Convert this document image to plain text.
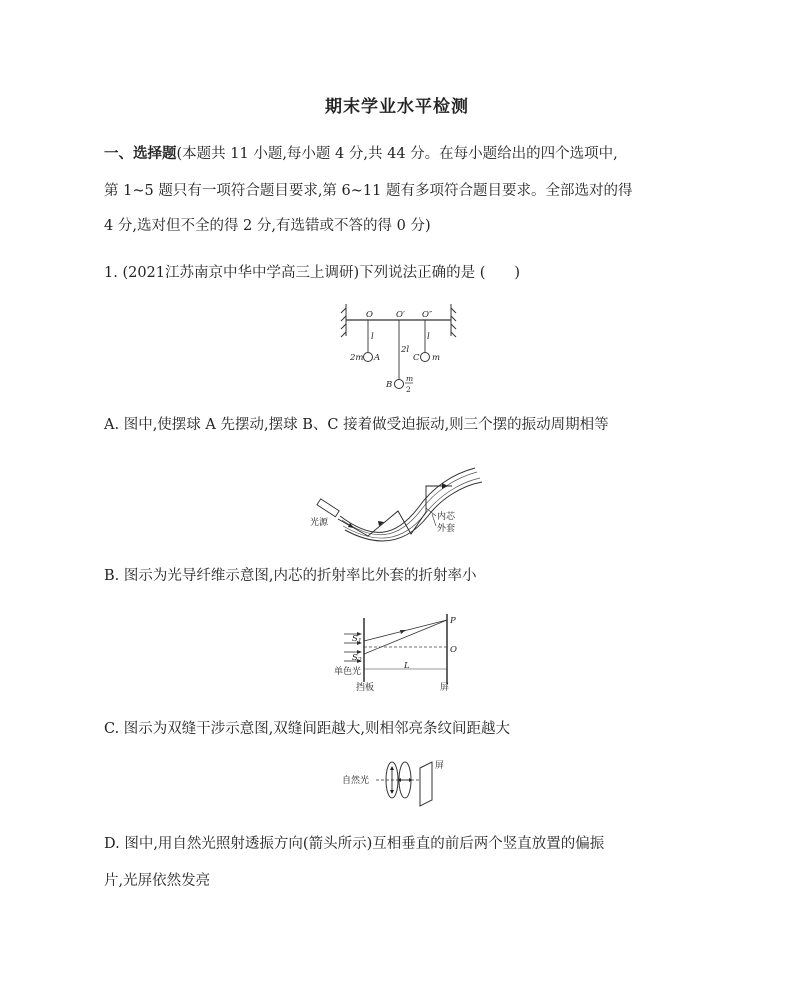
期末学业水平检测
一、选择题(本题共 11 小题,每小题 4 分,共 44 分。在每小题给出的四个选项中,
第 1~5 题只有一项符合题目要求,第 6~11 题有多项符合题目要求。全部选对的得
4 分,选对但不全的得 2 分,有选错或不答的得 0 分)
1. (2021江苏南京中华中学高三上调研)下列说法正确的是 (　　)
O	O′ O″
l
2l
l
2m A	C m
B
m
2
A. 图中,使摆球 A 先摆动,摆球 B、C 接着做受迫振动,则三个摆的振动周期相等
光源
内芯
外套
B. 图示为光导纤维示意图,内芯的折射率比外套的折射率小
$S_1$
$S_2$
P
O
L
单色光
挡板	屏
C. 图示为双缝干涉示意图,双缝间距越大,则相邻亮条纹间距越大
自然光
屏
D. 图中,用自然光照射透振方向(箭头所示)互相垂直的前后两个竖直放置的偏振
片,光屏依然发亮
